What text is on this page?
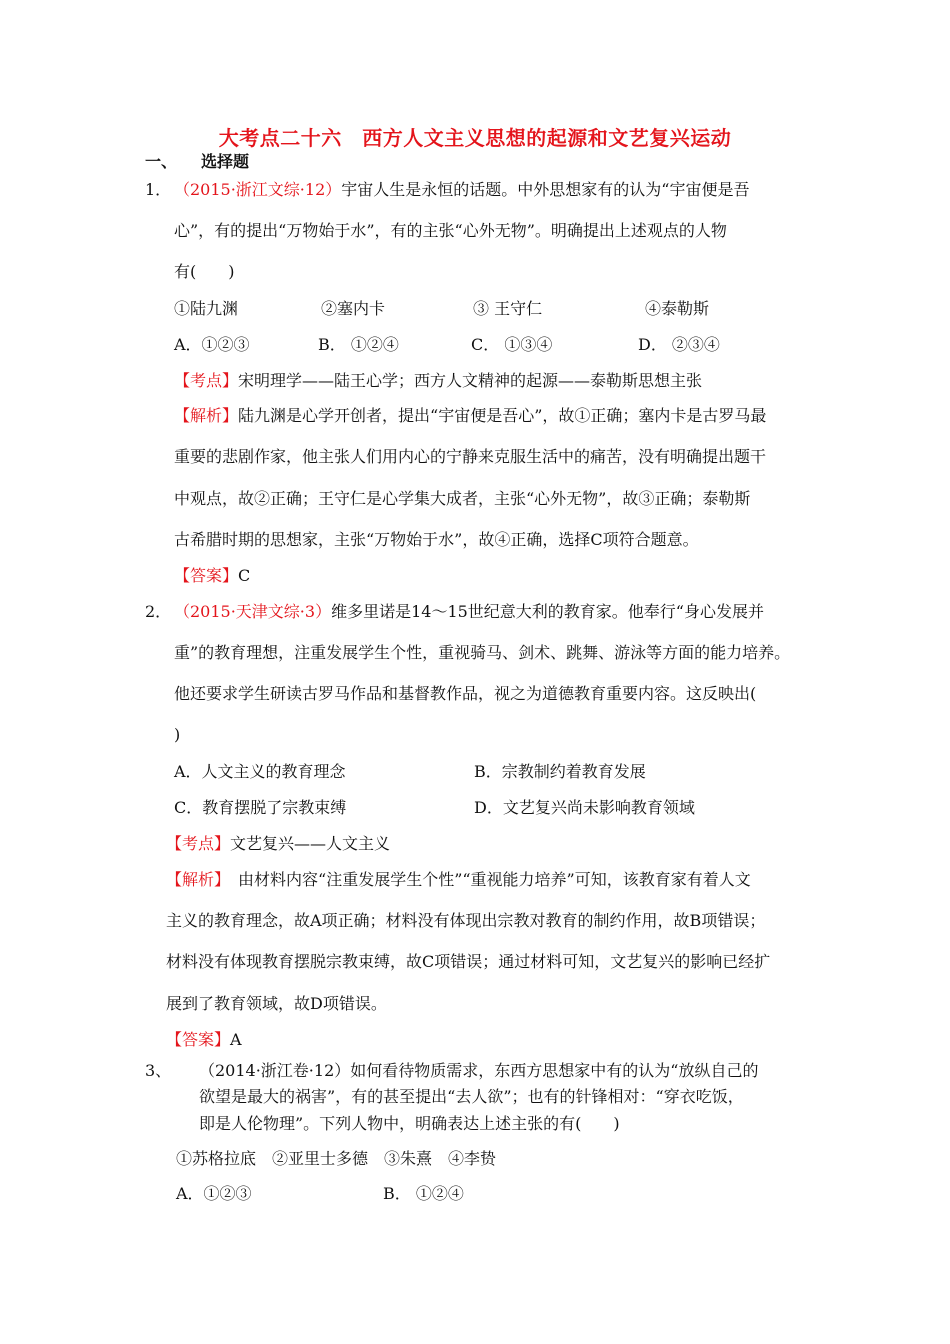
大考点二十六　西方人文主义思想的起源和文艺复兴运动
一、 选择题
1． （2015·浙江文综·12）宇宙人生是永恒的话题。中外思想家有的认为“宇宙便是吾
心”，有的提出“万物始于水”，有的主张“心外无物”。明确提出上述观点的人物
有(　　)
①陆九渊	②塞内卡	③ 王守仁	④泰勒斯
A．①②③	B． ①②④	C． ①③④	D． ②③④
【考点】宋明理学——陆王心学；西方人文精神的起源——泰勒斯思想主张
【解析】陆九渊是心学开创者，提出“宇宙便是吾心”，故①正确；塞内卡是古罗马最
重要的悲剧作家，他主张人们用内心的宁静来克服生活中的痛苦，没有明确提出题干
中观点，故②正确；王守仁是心学集大成者，主张“心外无物”，故③正确；泰勒斯
古希腊时期的思想家，主张“万物始于水”，故④正确，选择C项符合题意。
【答案】C
2． （2015·天津文综·3）维多里诺是14～15世纪意大利的教育家。他奉行“身心发展并
重”的教育理想，注重发展学生个性，重视骑马、剑术、跳舞、游泳等方面的能力培养。
他还要求学生研读古罗马作品和基督教作品，视之为道德教育重要内容。这反映出(
)
A．人文主义的教育理念	B．宗教制约着教育发展
C．教育摆脱了宗教束缚	D．文艺复兴尚未影响教育领域
【考点】文艺复兴——人文主义
【解析】 由材料内容“注重发展学生个性”“重视能力培养”可知，该教育家有着人文
主义的教育理念，故A项正确；材料没有体现出宗教对教育的制约作用，故B项错误；
材料没有体现教育摆脱宗教束缚，故C项错误；通过材料可知，文艺复兴的影响已经扩
展到了教育领域，故D项错误。
【答案】A
3、 （2014·浙江卷·12）如何看待物质需求，东西方思想家中有的认为“放纵自己的
欲望是最大的祸害”，有的甚至提出“去人欲”；也有的针锋相对：“穿衣吃饭，
即是人伦物理”。下列人物中，明确表达上述主张的有(　　)
①苏格拉底　②亚里士多德　③朱熹　④李贽
A．①②③	B． ①②④
